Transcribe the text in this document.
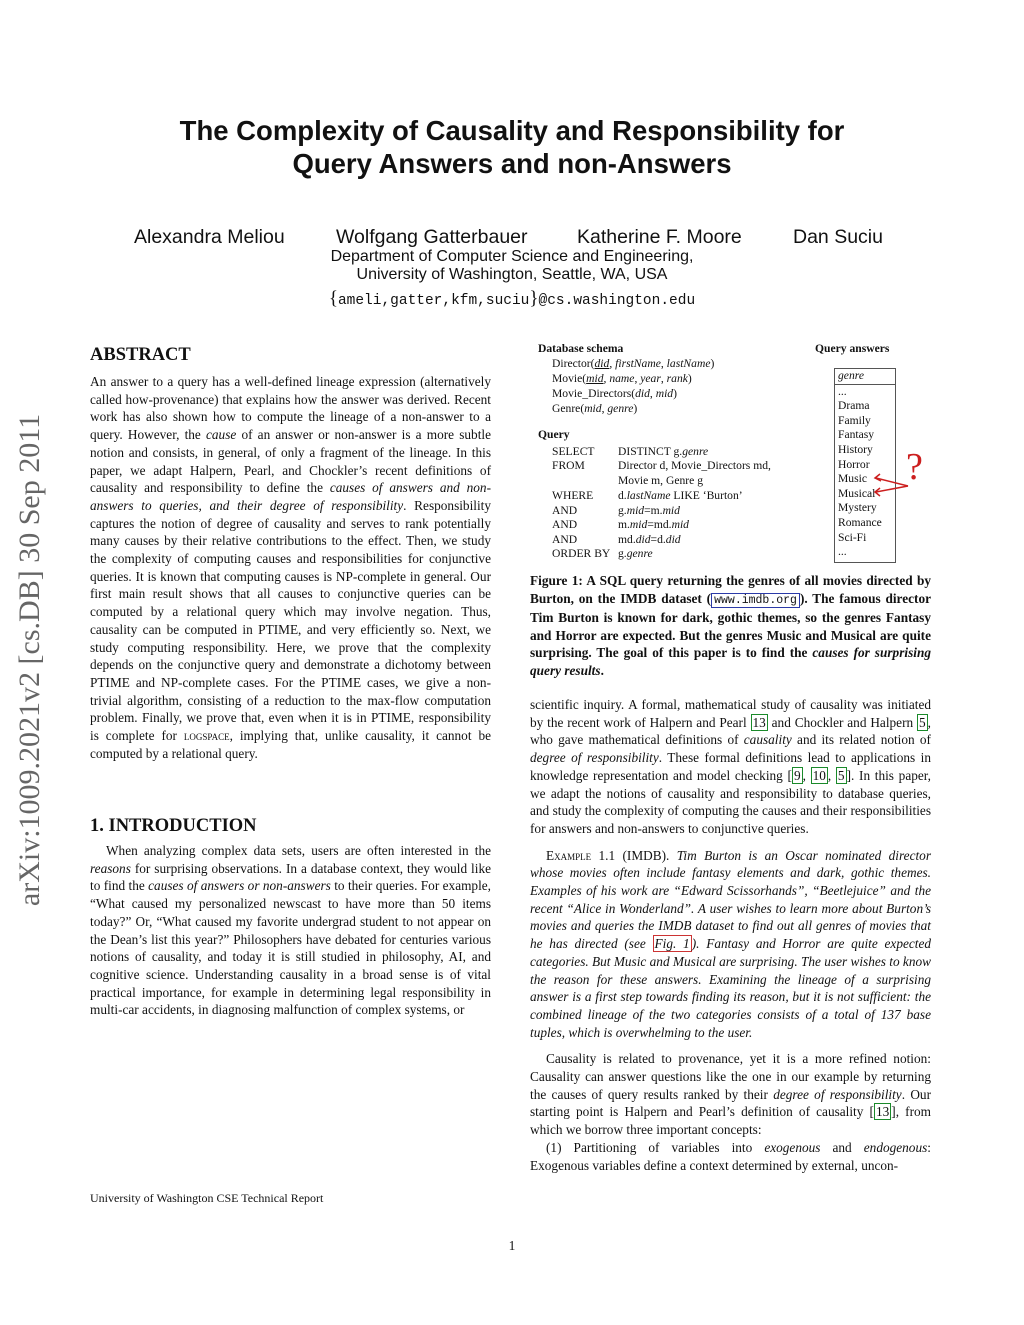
The Complexity of Causality and Responsibility for
Query Answers and non-Answers
Alexandra Meliou	Wolfgang Gatterbauer	Katherine F. Moore	Dan Suciu
Department of Computer Science and Engineering,
University of Washington, Seattle, WA, USA
{ameli,gatter,kfm,suciu}@cs.washington.edu
arXiv:1009.2021v2 [cs.DB] 30 Sep 2011
ABSTRACT

An answer to a query has a well-defined lineage expression (alternatively called how-provenance) that explains how the answer was derived. Recent work has also shown how to compute the lineage of a non-answer to a query. However, the cause of an answer or non-answer is a more subtle notion and consists, in general, of only a fragment of the lineage. In this paper, we adapt Halpern, Pearl, and Chockler’s recent definitions of causality and responsibility to define the causes of answers and non-answers to queries, and their degree of responsibility. Responsibility captures the notion of degree of causality and serves to rank potentially many causes by their relative contributions to the effect. Then, we study the complexity of computing causes and responsibilities for conjunctive queries. It is known that computing causes is NP-complete in general. Our first main result shows that all causes to conjunctive queries can be computed by a relational query which may involve negation. Thus, causality can be computed in PTIME, and very efficiently so. Next, we study computing responsibility. Here, we prove that the complexity depends on the conjunctive query and demonstrate a dichotomy between PTIME and NP-complete cases. For the PTIME cases, we give a non-trivial algorithm, consisting of a reduction to the max-flow computation problem. Finally, we prove that, even when it is in PTIME, responsibility is complete for logspace, implying that, unlike causality, it cannot be computed by a relational query.

1. INTRODUCTION

When analyzing complex data sets, users are often interested in the reasons for surprising observations. In a database context, they would like to find the causes of answers or non-answers to their queries. For example, “What caused my personalized newscast to have more than 50 items today?” Or, “What caused my favorite undergrad student to not appear on the Dean’s list this year?” Philosophers have debated for centuries various notions of causality, and today it is still studied in philosophy, AI, and cognitive science. Understanding causality in a broad sense is of vital practical importance, for example in determining legal responsibility in multi-car accidents, in diagnosing malfunction of complex systems, or

Database schema	Query answers
Director(did, firstName, lastName)
Movie(mid, name, year, rank)
Movie_Directors(did, mid)
Genre(mid, genre)
Query
SELECT DISTINCT g.genre
FROM	Director d, Movie_Directors md,
Movie m, Genre g
WHERE d.lastName LIKE ‘Burton’
AND	g.mid=m.mid
AND	m.mid=md.mid
AND	md.did=d.did
ORDER BY g.genre
genre
...
Drama
Family
Fantasy
History
Horror
Music
Musical
Mystery
Romance
Sci-Fi
...
?
Figure 1: A SQL query returning the genres of all movies directed by Burton, on the IMDB dataset ( www.imdb.org ). The famous director Tim Burton is known for dark, gothic themes, so the genres Fantasy and Horror are expected. But the genres Music and Musical are quite surprising. The goal of this paper is to find the causes for surprising query results.

scientific inquiry. A formal, mathematical study of causality was initiated by the recent work of Halpern and Pearl 13 and Chockler and Halpern 5 , who gave mathematical definitions of causality and its related notion of degree of responsibility. These formal definitions lead to applications in knowledge representation and model checking [ 9 , 10 , 5 ]. In this paper, we adapt the notions of causality and responsibility to database queries, and study the complexity of computing the causes and their responsibilities for answers and non-answers to conjunctive queries.

Example 1.1 (IMDB). Tim Burton is an Oscar nominated director whose movies often include fantasy elements and dark, gothic themes. Examples of his work are “Edward Scissorhands”, “Beetlejuice” and the recent “Alice in Wonderland”. A user wishes to learn more about Burton’s movies and queries the IMDB dataset to find out all genres of movies that he has directed (see Fig. 1 ). Fantasy and Horror are quite expected categories. But Music and Musical are surprising. The user wishes to know the reason for these answers. Examining the lineage of a surprising answer is a first step towards finding its reason, but it is not sufficient: the combined lineage of the two categories consists of a total of 137 base tuples, which is overwhelming to the user.

Causality is related to provenance, yet it is a more refined notion: Causality can answer questions like the one in our example by returning the causes of query results ranked by their degree of responsibility. Our starting point is Halpern and Pearl’s definition of causality [ 13 ], from which we borrow three important concepts:

(1) Partitioning of variables into exogenous and endogenous: Exogenous variables define a context determined by external, uncon-

University of Washington CSE Technical Report
1
